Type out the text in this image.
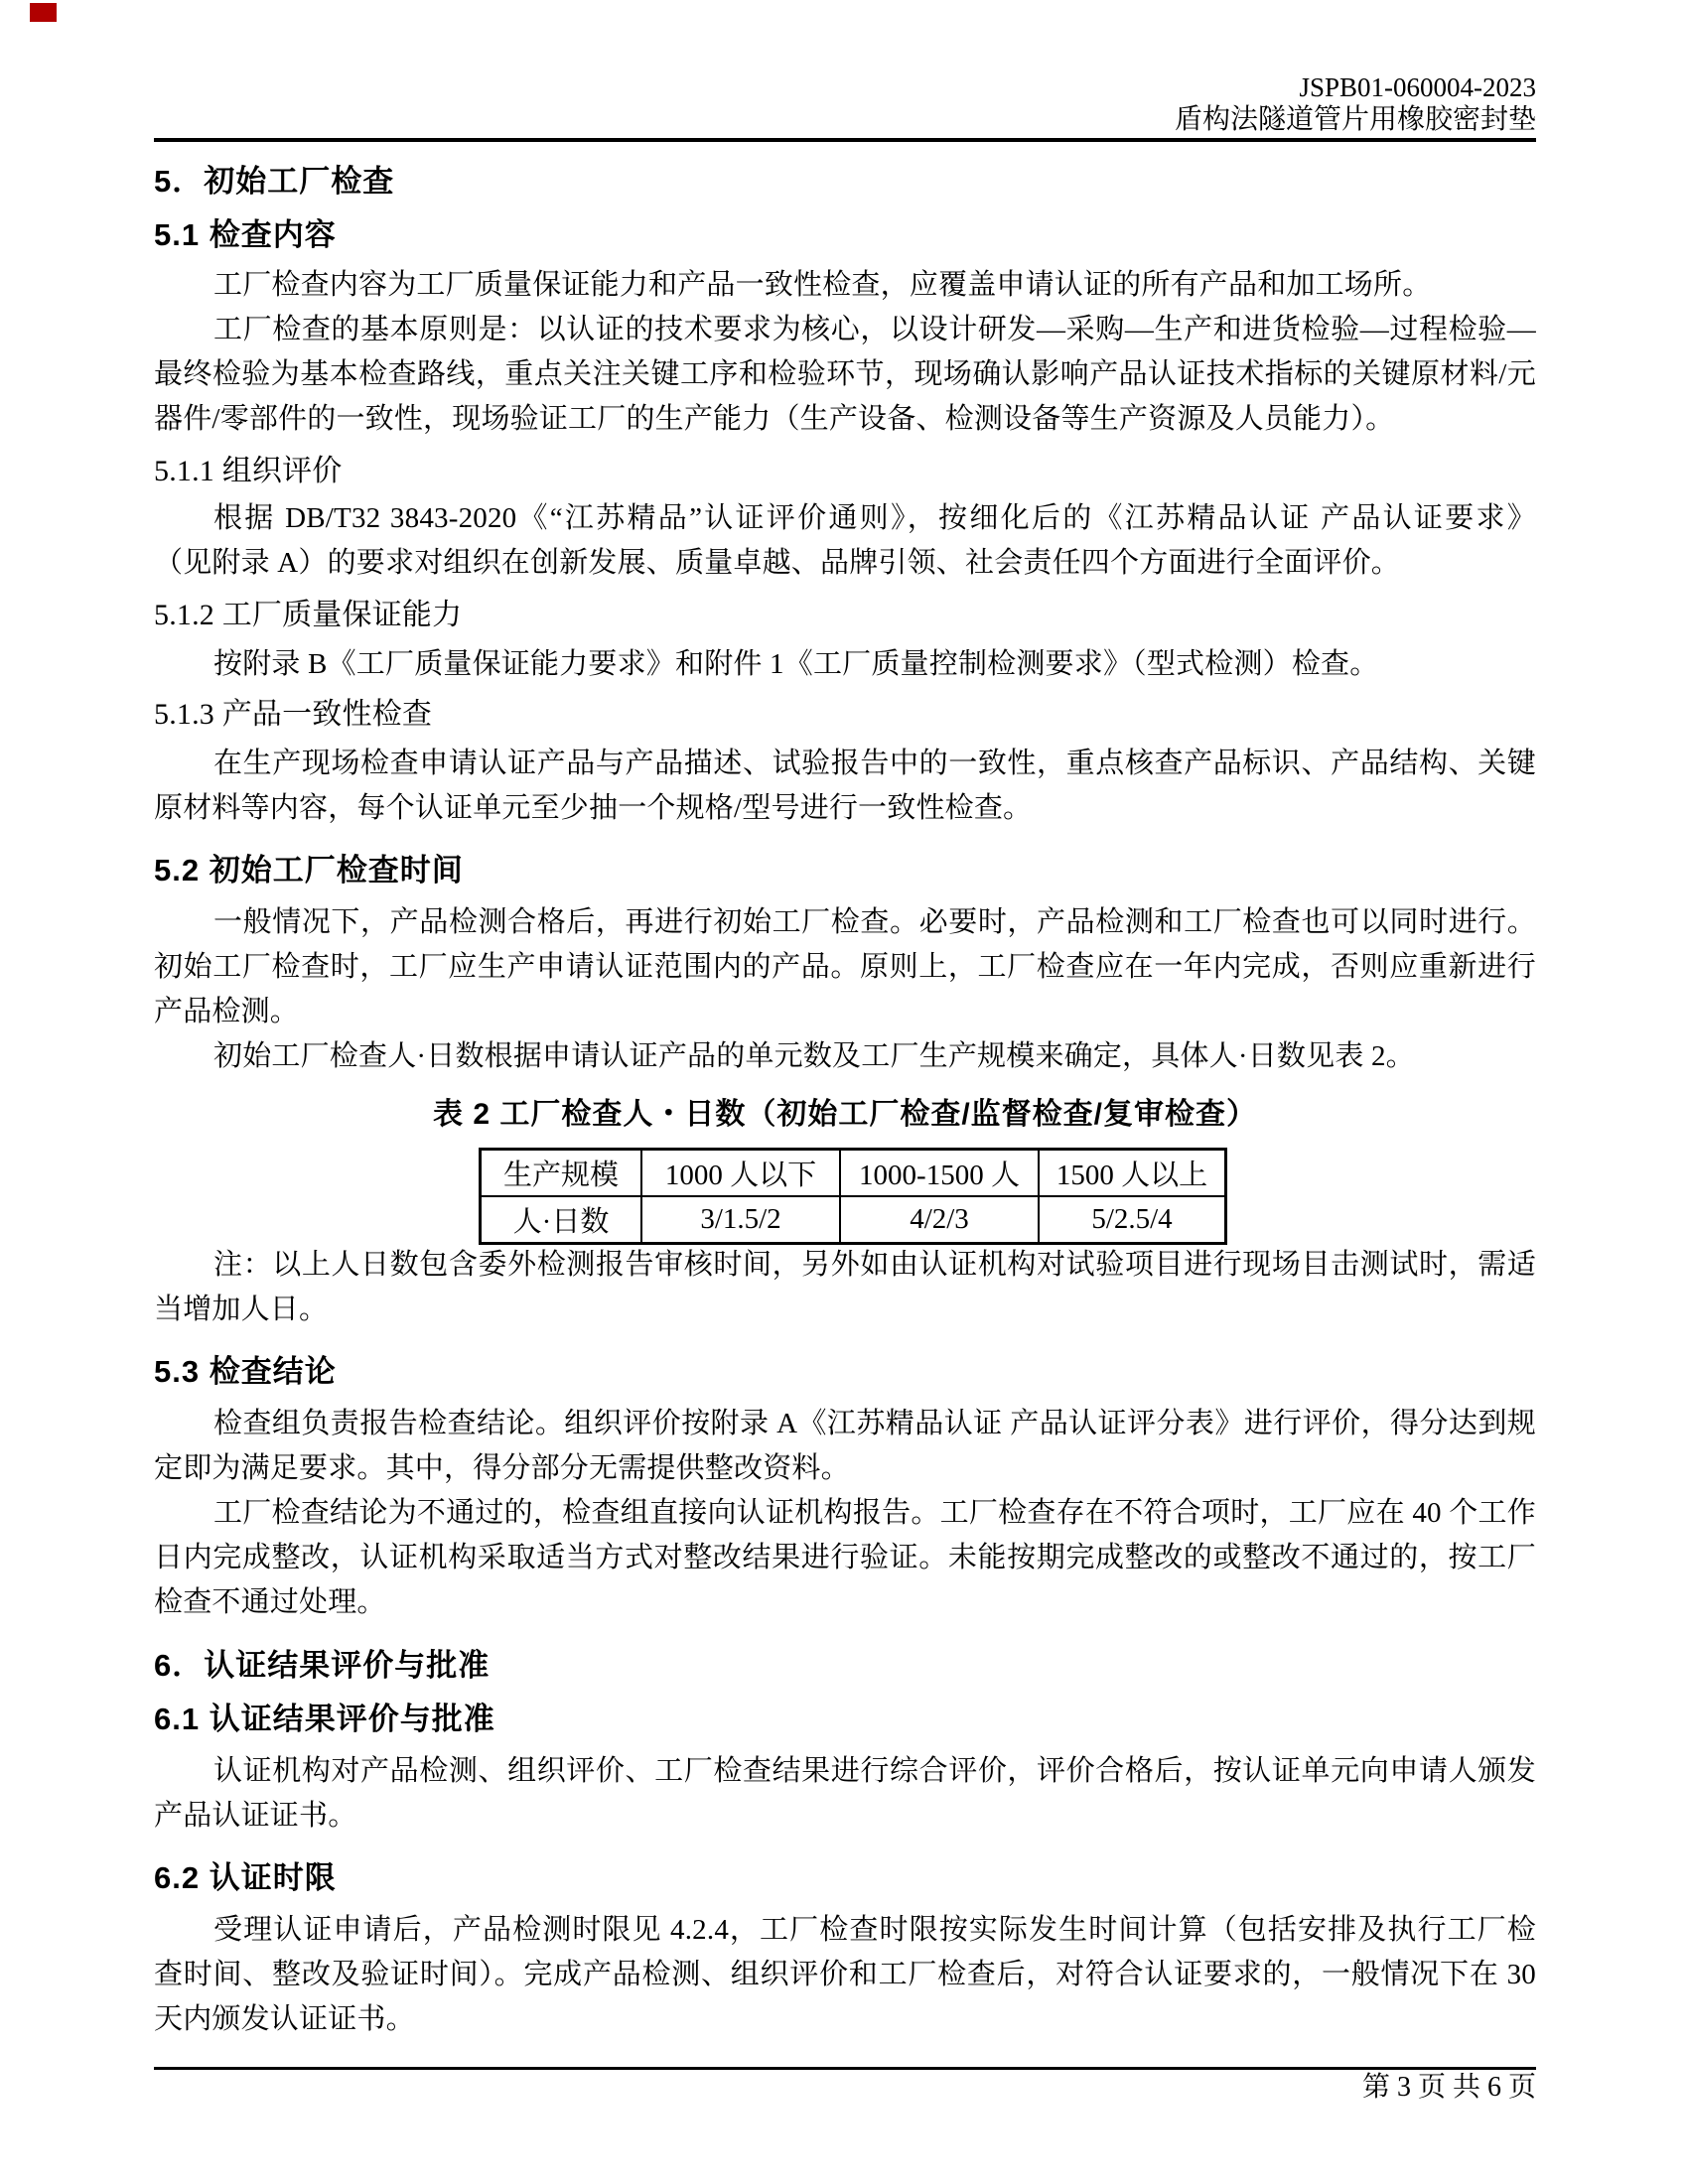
JSPB01-060004-2023
盾构法隧道管片用橡胶密封垫
5．初始工厂检查
5.1 检查内容
工厂检查内容为工厂质量保证能力和产品一致性检查，应覆盖申请认证的所有产品和加工场所。
工厂检查的基本原则是：以认证的技术要求为核心，以设计研发—采购—生产和进货检验—过程检验—
最终检验为基本检查路线，重点关注关键工序和检验环节，现场确认影响产品认证技术指标的关键原材料/元
器件/零部件的一致性，现场验证工厂的生产能力（生产设备、检测设备等生产资源及人员能力）。
5.1.1 组织评价
根据 DB/T32 3843-2020《“江苏精品”认证评价通则》，按细化后的《江苏精品认证 产品认证要求》
（见附录 A）的要求对组织在创新发展、质量卓越、品牌引领、社会责任四个方面进行全面评价。
5.1.2 工厂质量保证能力
按附录 B《工厂质量保证能力要求》和附件 1《工厂质量控制检测要求》（型式检测）检查。
5.1.3 产品一致性检查
在生产现场检查申请认证产品与产品描述、试验报告中的一致性，重点核查产品标识、产品结构、关键
原材料等内容，每个认证单元至少抽一个规格/型号进行一致性检查。
5.2 初始工厂检查时间
一般情况下，产品检测合格后，再进行初始工厂检查。必要时，产品检测和工厂检查也可以同时进行。
初始工厂检查时，工厂应生产申请认证范围内的产品。原则上，工厂检查应在一年内完成，否则应重新进行
产品检测。
初始工厂检查人·日数根据申请认证产品的单元数及工厂生产规模来确定，具体人·日数见表 2。
注：以上人日数包含委外检测报告审核时间，另外如由认证机构对试验项目进行现场目击测试时，需适
当增加人日。
5.3 检查结论
检查组负责报告检查结论。组织评价按附录 A《江苏精品认证 产品认证评分表》进行评价，得分达到规
定即为满足要求。其中，得分部分无需提供整改资料。
工厂检查结论为不通过的，检查组直接向认证机构报告。工厂检查存在不符合项时，工厂应在 40 个工作
日内完成整改，认证机构采取适当方式对整改结果进行验证。未能按期完成整改的或整改不通过的，按工厂
检查不通过处理。
6．认证结果评价与批准
6.1 认证结果评价与批准
认证机构对产品检测、组织评价、工厂检查结果进行综合评价，评价合格后，按认证单元向申请人颁发
产品认证证书。
6.2 认证时限
受理认证申请后，产品检测时限见 4.2.4，工厂检查时限按实际发生时间计算（包括安排及执行工厂检
查时间、整改及验证时间）。完成产品检测、组织评价和工厂检查后，对符合认证要求的，一般情况下在 30
天内颁发认证证书。
表 2 工厂检查人・日数（初始工厂检查/监督检查/复审检查）
生产规模	1000 人以下	1000-1500 人	1500 人以上
人·日数	3/1.5/2	4/2/3	5/2.5/4
第 3 页 共 6 页
